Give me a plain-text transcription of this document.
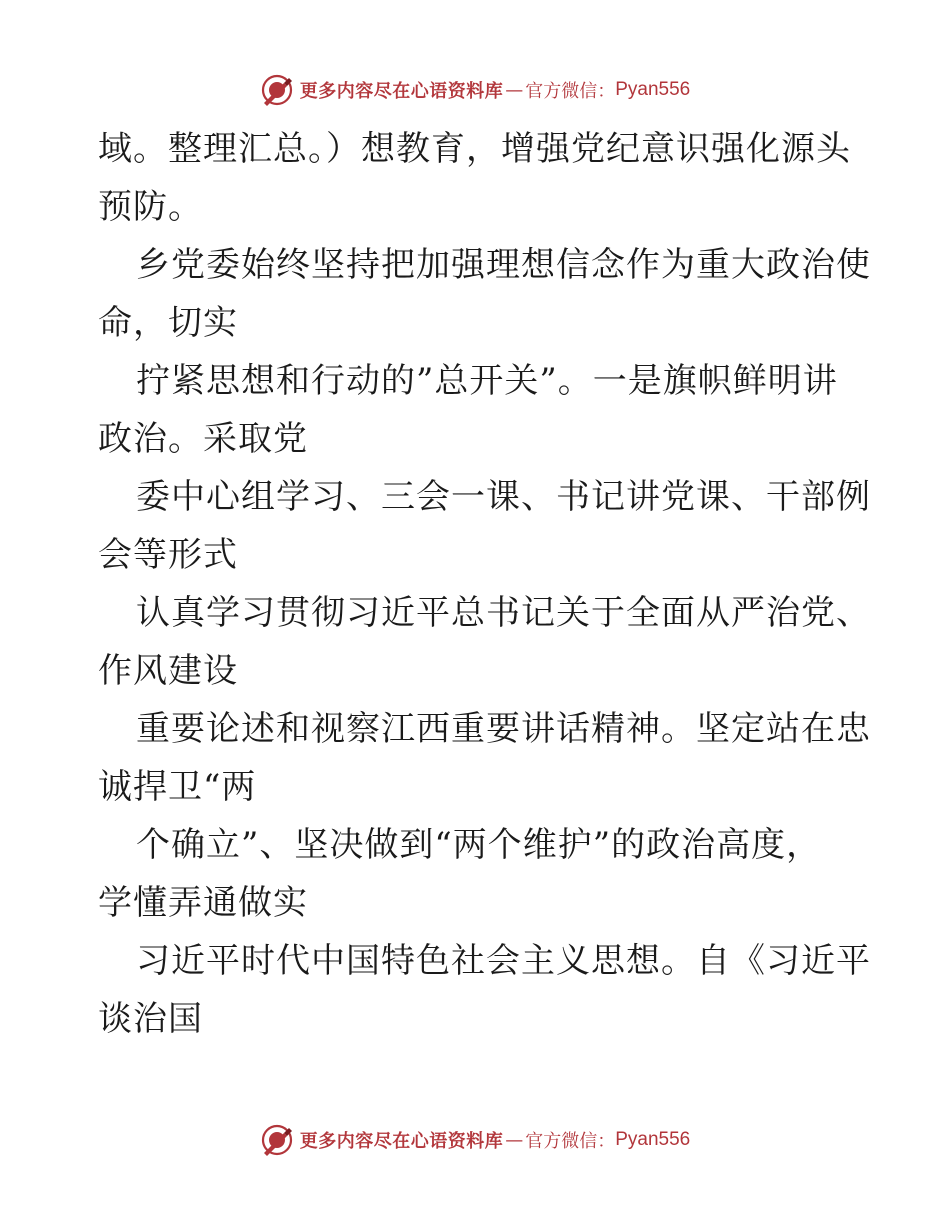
更多内容尽在心语资料库 — 官方微信： Pyan556
域。整理汇总。）想教育，增强党纪意识强化源头
预防。
乡党委始终坚持把加强理想信念作为重大政治使
命，切实
拧紧思想和行动的”总开关”。一是旗帜鲜明讲
政治。采取党
委中心组学习、三会一课、书记讲党课、干部例
会等形式
认真学习贯彻习近平总书记关于全面从严治党、
作风建设
重要论述和视察江西重要讲话精神。坚定站在忠
诚捍卫“两
个确立”、坚决做到“两个维护”的政治高度，
学懂弄通做实
习近平时代中国特色社会主义思想。自《习近平
谈治国
更多内容尽在心语资料库 — 官方微信： Pyan556
